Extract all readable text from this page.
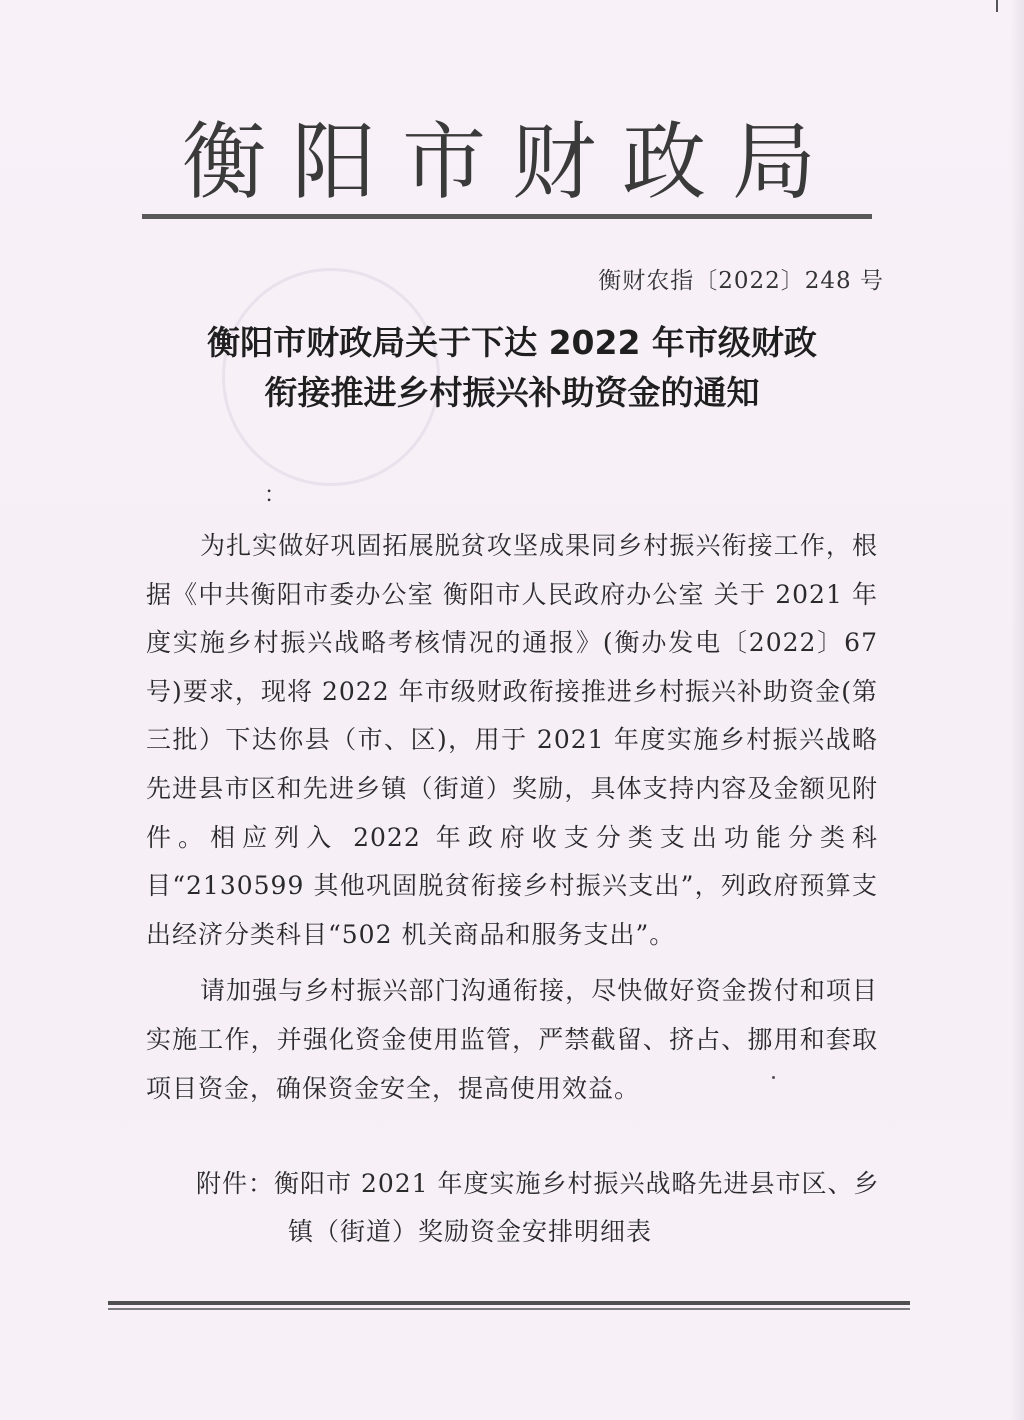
衡阳市财政局
衡财农指〔2022〕248 号
衡阳市财政局关于下达 2022 年市级财政
衔接推进乡村振兴补助资金的通知
：

为扎实做好巩固拓展脱贫攻坚成果同乡村振兴衔接工作，根据《中共衡阳市委办公室 衡阳市人民政府办公室 关于 2021 年度实施乡村振兴战略考核情况的通报》(衡办发电〔2022〕67 号)要求，现将 2022 年市级财政衔接推进乡村振兴补助资金(第三批）下达你县（市、区)，用于 2021 年度实施乡村振兴战略先进县市区和先进乡镇（街道）奖励，具体支持内容及金额见附件。相应列入 2022 年政府收支分类支出功能分类科目“2130599 其他巩固脱贫衔接乡村振兴支出”，列政府预算支出经济分类科目“502 机关商品和服务支出”。

请加强与乡村振兴部门沟通衔接，尽快做好资金拨付和项目实施工作，并强化资金使用监管，严禁截留、挤占、挪用和套取项目资金，确保资金安全，提高使用效益。

附件：衡阳市 2021 年度实施乡村振兴战略先进县市区、乡
镇（街道）奖励资金安排明细表
